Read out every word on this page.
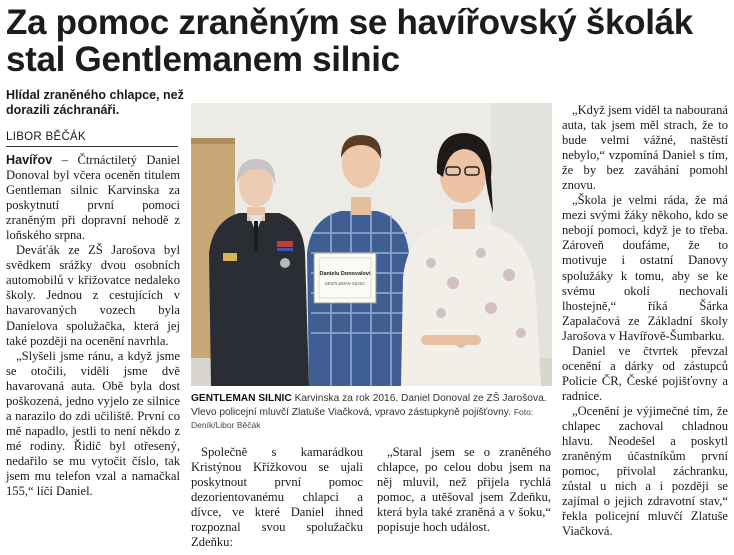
Za pomoc zraněným se havířovský školák stal Gentlemanem silnic
Hlídal zraněného chlapce, než dorazili záchranáři.
LIBOR BĚČÁK

Havířov – Čtrnáctiletý Daniel Donoval byl včera oceněn titulem Gentleman silnic Karvinska za poskytnutí první pomoci zraněným při dopravní nehodě z loňského srpna.

Deváťák ze ZŠ Jarošova byl svědkem srážky dvou osobních automobilů v křižovatce nedaleko školy. Jednou z cestujících v havarovaných vozech byla Danielova spolužačka, která jej také později na ocenění navrhla.

„Slyšeli jsme ránu, a když jsme se otočili, viděli jsme dvě havarovaná auta. Obě byla dost poškozená, jedno vyjelo ze silnice a narazilo do zdi učiliště. První co mě napadlo, jestli to není někdo z mé rodiny. Řidič byl otřesený, nedařilo se mu vytočit číslo, tak jsem mu telefon vzal a namačkal 155,“ líčí Daniel.

Danielu Donovalovi
GENTLEMAN SILNIC
GENTLEMAN SILNIC Karvinska za rok 2016. Daniel Donoval ze ZŠ Jarošova. Vlevo policejní mluvčí Zlatuše Viačková, vpravo zástupkyně pojišťovny. Foto: Deník/Libor Běčák

Společně s kamarádkou Kristýnou Křížkovou se ujali poskytnout první pomoc dezorientovanému chlapci a dívce, ve které Daniel ihned rozpoznal svou spolužačku Zdeňku:

„Staral jsem se o zraněného chlapce, po celou dobu jsem na něj mluvil, než přijela rychlá pomoc, a utěšoval jsem Zdeňku, která byla také zraněná a v šoku,“ popisuje hoch událost.

„Když jsem viděl ta nabouraná auta, tak jsem měl strach, že to bude velmi vážné, naštěstí nebylo,“ vzpomíná Daniel s tím, že by bez zaváhání pomohl znovu.

„Škola je velmi ráda, že má mezi svými žáky někoho, kdo se nebojí pomoci, když je to třeba. Zároveň doufáme, že to motivuje i ostatní Danovy spolužáky k tomu, aby se ke svému okolí nechovali lhostejně,“ říká Šárka Zapalačová ze Základní školy Jarošova v Havířově-Šumbarku.

Daniel ve čtvrtek převzal ocenění a dárky od zástupců Policie ČR, České pojišťovny a radnice.

„Ocenění je výjimečné tím, že chlapec zachoval chladnou hlavu. Neodešel a poskytl zraněným účastníkům první pomoc, přivolal záchranku, zůstal u nich a i později se zajímal o jejich zdravotní stav,“ řekla policejní mluvčí Zlatuše Viačková.
